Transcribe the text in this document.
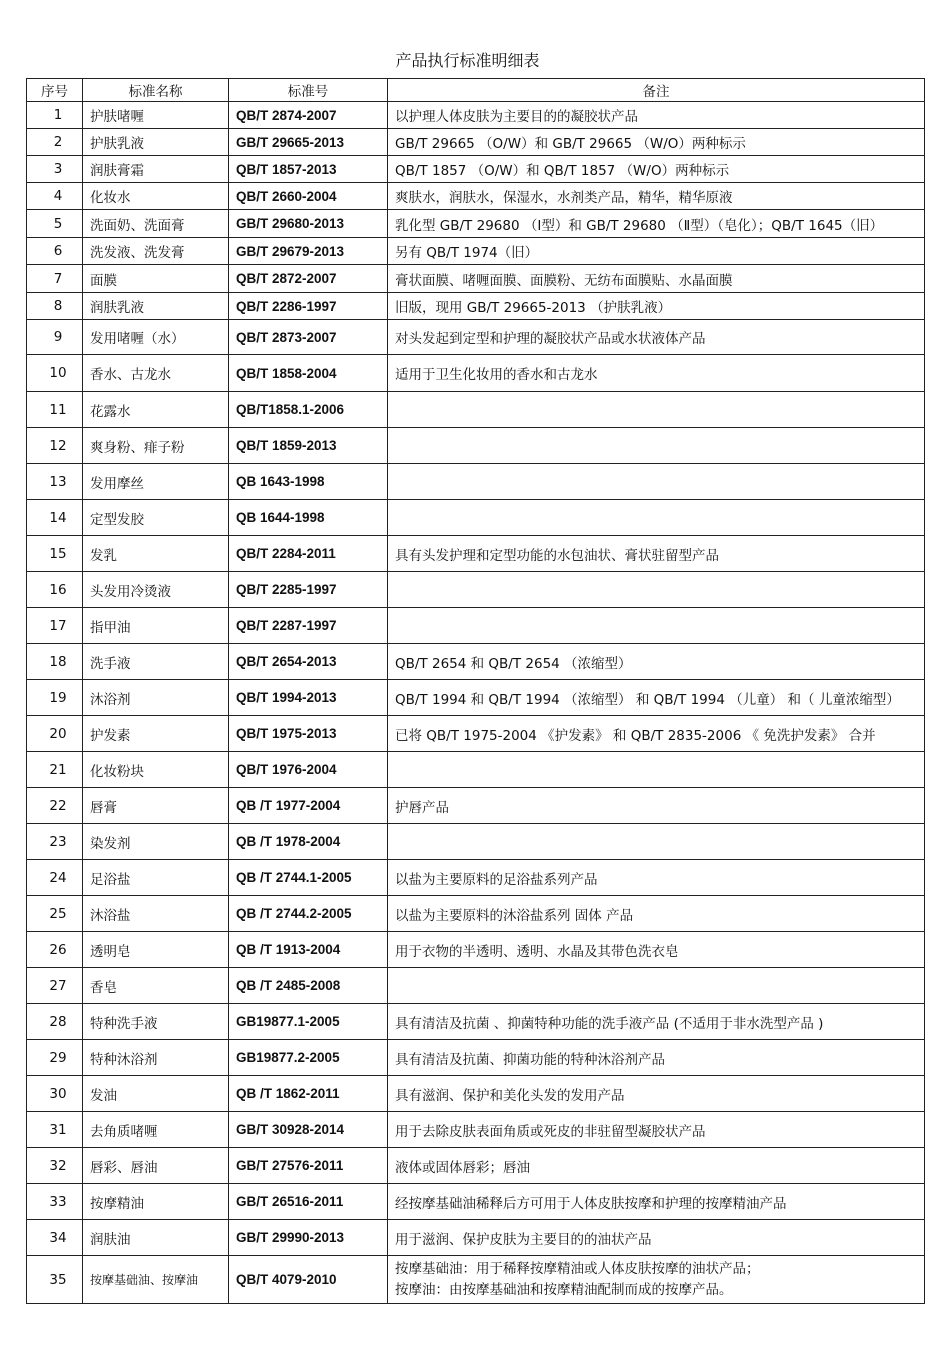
产品执行标准明细表
序号	标准名称	标准号	备注
1	护肤啫喱	QB/T 2874-2007	以护理人体皮肤为主要目的的凝胶状产品
2	护肤乳液	GB/T 29665-2013	GB/T 29665 （O/W）和 GB/T 29665 （W/O）两种标示
3	润肤膏霜	QB/T 1857-2013	QB/T 1857 （O/W）和 QB/T 1857 （W/O）两种标示
4	化妆水	QB/T 2660-2004	爽肤水，润肤水，保湿水，水剂类产品，精华，精华原液
5	洗面奶、洗面膏	GB/T 29680-2013	乳化型 GB/T 29680 （Ⅰ型）和 GB/T 29680 （Ⅱ型）（皂化）；QB/T 1645（旧）
6	洗发液、洗发膏	GB/T 29679-2013	另有 QB/T 1974（旧）
7	面膜	QB/T 2872-2007	膏状面膜、啫喱面膜、面膜粉、无纺布面膜贴、水晶面膜
8	润肤乳液	QB/T 2286-1997	旧版，现用 GB/T 29665-2013 （护肤乳液）
9	发用啫喱（水）	QB/T 2873-2007	对头发起到定型和护理的凝胶状产品或水状液体产品
10	香水、古龙水	QB/T 1858-2004	适用于卫生化妆用的香水和古龙水
11	花露水	QB/T1858.1-2006	
12	爽身粉、痱子粉	QB/T 1859-2013	
13	发用摩丝	QB 1643-1998	
14	定型发胶	QB 1644-1998	
15	发乳	QB/T 2284-2011	具有头发护理和定型功能的水包油状、膏状驻留型产品
16	头发用冷烫液	QB/T 2285-1997	
17	指甲油	QB/T 2287-1997	
18	洗手液	QB/T 2654-2013	QB/T 2654 和 QB/T 2654 （浓缩型）
19	沐浴剂	QB/T 1994-2013	QB/T 1994 和 QB/T 1994 （浓缩型） 和 QB/T 1994 （儿童） 和（ 儿童浓缩型）
20	护发素	QB/T 1975-2013	已将 QB/T 1975-2004 《护发素》 和 QB/T 2835-2006 《 免洗护发素》 合并
21	化妆粉块	QB/T 1976-2004	
22	唇膏	QB /T 1977-2004	护唇产品
23	染发剂	QB /T 1978-2004	
24	足浴盐	QB /T 2744.1-2005	以盐为主要原料的足浴盐系列产品
25	沐浴盐	QB /T 2744.2-2005	以盐为主要原料的沐浴盐系列 固体 产品
26	透明皂	QB /T 1913-2004	用于衣物的半透明、透明、水晶及其带色洗衣皂
27	香皂	QB /T 2485-2008	
28	特种洗手液	GB19877.1-2005	具有清洁及抗菌 、抑菌特种功能的洗手液产品 (不适用于非水洗型产品 )
29	特种沐浴剂	GB19877.2-2005	具有清洁及抗菌、抑菌功能的特种沐浴剂产品
30	发油	QB /T 1862-2011	具有滋润、保护和美化头发的发用产品
31	去角质啫喱	GB/T 30928-2014	用于去除皮肤表面角质或死皮的非驻留型凝胶状产品
32	唇彩、唇油	GB/T 27576-2011	液体或固体唇彩；唇油
33	按摩精油	GB/T 26516-2011	经按摩基础油稀释后方可用于人体皮肤按摩和护理的按摩精油产品
34	润肤油	GB/T 29990-2013	用于滋润、保护皮肤为主要目的的油状产品
35	按摩基础油、按摩油	QB/T 4079-2010	按摩基础油：用于稀释按摩精油或人体皮肤按摩的油状产品；
按摩油：由按摩基础油和按摩精油配制而成的按摩产品。
